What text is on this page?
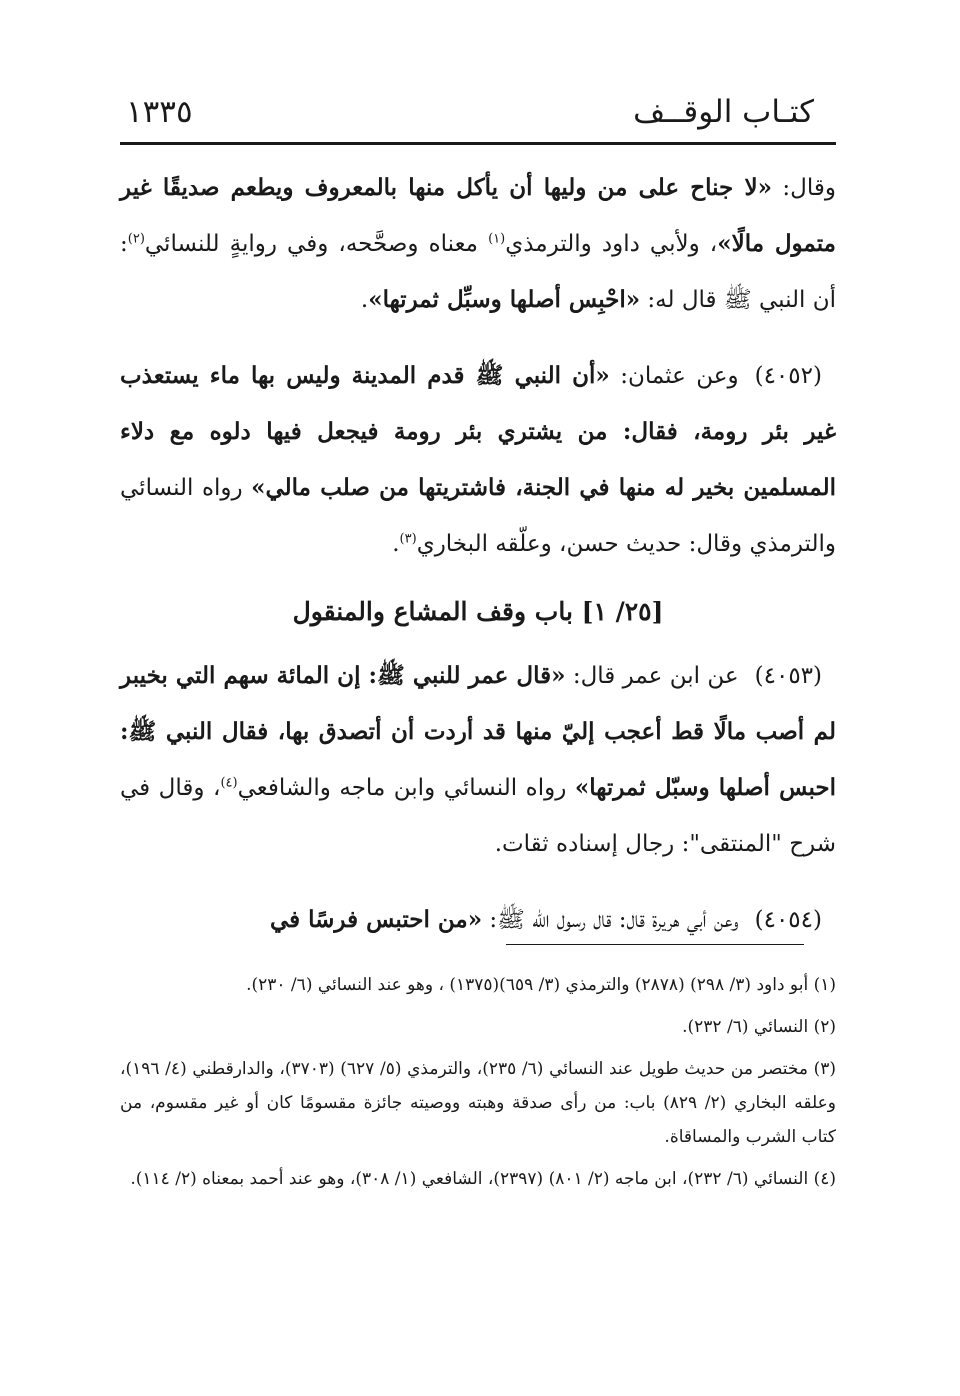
كتـاب الوقــف
١٣٣٥

وقال: «لا جناح على من وليها أن يأكل منها بالمعروف ويطعم صديقًا غير متمول مالًا»، ولأبي داود والترمذي$^{(١)}$ معناه وصحَّحه، وفي روايةٍ للنسائي$^{(٢)}$: أن النبي ﷺ قال له: «احْبِس أصلها وسبِّل ثمرتها».

(٤٠٥٢)وعن عثمان: «أن النبي ﷺ قدم المدينة وليس بها ماء يستعذب غير بئر رومة، فقال: من يشتري بئر رومة فيجعل فيها دلوه مع دلاء المسلمين بخير له منها في الجنة، فاشتريتها من صلب مالي» رواه النسائي والترمذي وقال: حديث حسن، وعلّقه البخاري$^{(٣)}$.

[٢٥/ ١] باب وقف المشاع والمنقول

(٤٠٥٣)عن ابن عمر قال: «قال عمر للنبي ﷺ: إن المائة سهم التي بخيبر لم أصب مالًا قط أعجب إليّ منها قد أردت أن أتصدق بها، فقال النبي ﷺ: احبس أصلها وسبّل ثمرتها» رواه النسائي وابن ماجه والشافعي$^{(٤)}$، وقال في شرح "المنتقى": رجال إسناده ثقات.

(٤٠٥٤)وعن أبي هريرة قال: قال رسول الله ﷺ: «من احتبس فرسًا في

(١) أبو داود (٣/ ٢٩٨) (٢٨٧٨) والترمذي (٣/ ٦٥٩)(١٣٧٥) ، وهو عند النسائي (٦/ ٢٣٠).

(٢) النسائي (٦/ ٢٣٢).

(٣) مختصر من حديث طويل عند النسائي (٦/ ٢٣٥)، والترمذي (٥/ ٦٢٧) (٣٧٠٣)، والدارقطني (٤/ ١٩٦)، وعلقه البخاري (٢/ ٨٢٩) باب: من رأى صدقة وهبته ووصيته جائزة مقسومًا كان أو غير مقسوم، من كتاب الشرب والمساقاة.

(٤) النسائي (٦/ ٢٣٢)، ابن ماجه (٢/ ٨٠١) (٢٣٩٧)، الشافعي (١/ ٣٠٨)، وهو عند أحمد بمعناه (٢/ ١١٤).
